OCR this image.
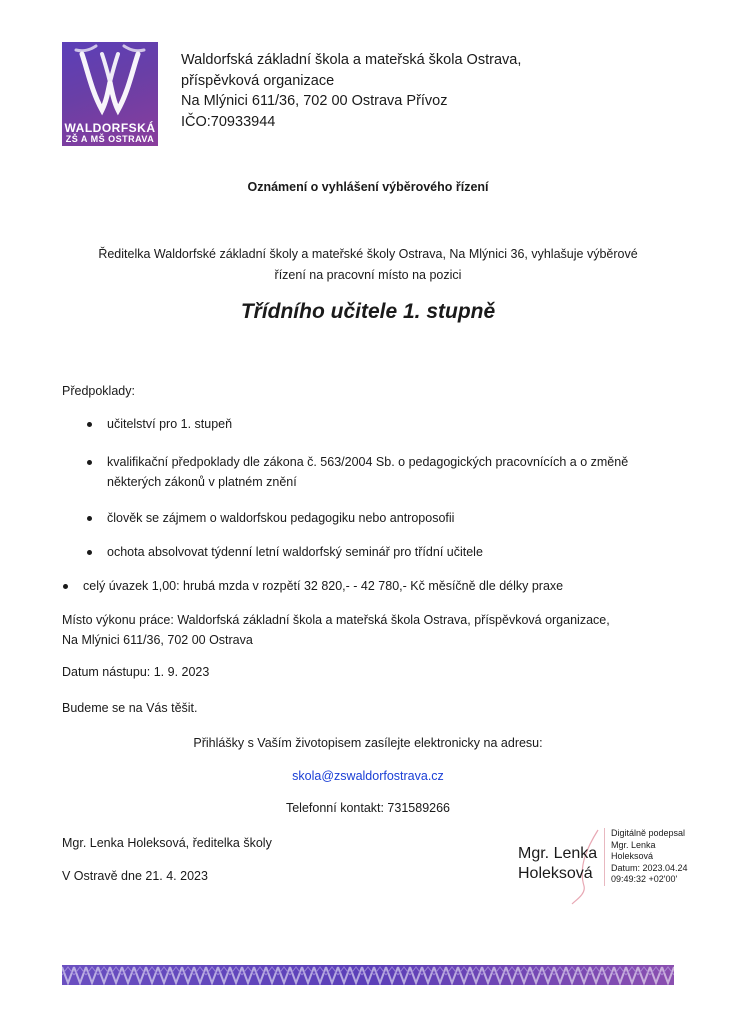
WALDORFSKÁ
ZŠ A MŠ OSTRAVA
Waldorfská základní škola a mateřská škola Ostrava,
příspěvková organizace
Na Mlýnici 611/36, 702 00 Ostrava Přívoz
IČO:70933944
Oznámení o vyhlášení výběrového řízení
Ředitelka Waldorfské základní školy a mateřské školy Ostrava, Na Mlýnici 36, vyhlašuje výběrové
řízení na pracovní místo na pozici
Třídního učitele 1. stupně
Předpoklady:
učitelství pro 1. stupeň
kvalifikační předpoklady dle zákona č. 563/2004 Sb. o pedagogických pracovnících a o změně
některých zákonů v platném znění
člověk se zájmem o waldorfskou pedagogiku nebo antroposofii
ochota absolvovat týdenní letní waldorfský seminář pro třídní učitele
celý úvazek 1,00: hrubá mzda v rozpětí 32 820,- - 42 780,- Kč měsíčně dle délky praxe
Místo výkonu práce: Waldorfská základní škola a mateřská škola Ostrava, příspěvková organizace,
Na Mlýnici 611/36, 702 00 Ostrava
Datum nástupu: 1. 9. 2023
Budeme se na Vás těšit.
Přihlášky s Vaším životopisem zasílejte elektronicky na adresu:
skola@zswaldorfostrava.cz
Telefonní kontakt: 731589266
Mgr. Lenka Holeksová, ředitelka školy
V Ostravě dne 21. 4. 2023
Mgr. Lenka
Holeksová
Digitálně podepsal
Mgr. Lenka
Holeksová
Datum: 2023.04.24
09:49:32 +02'00'
